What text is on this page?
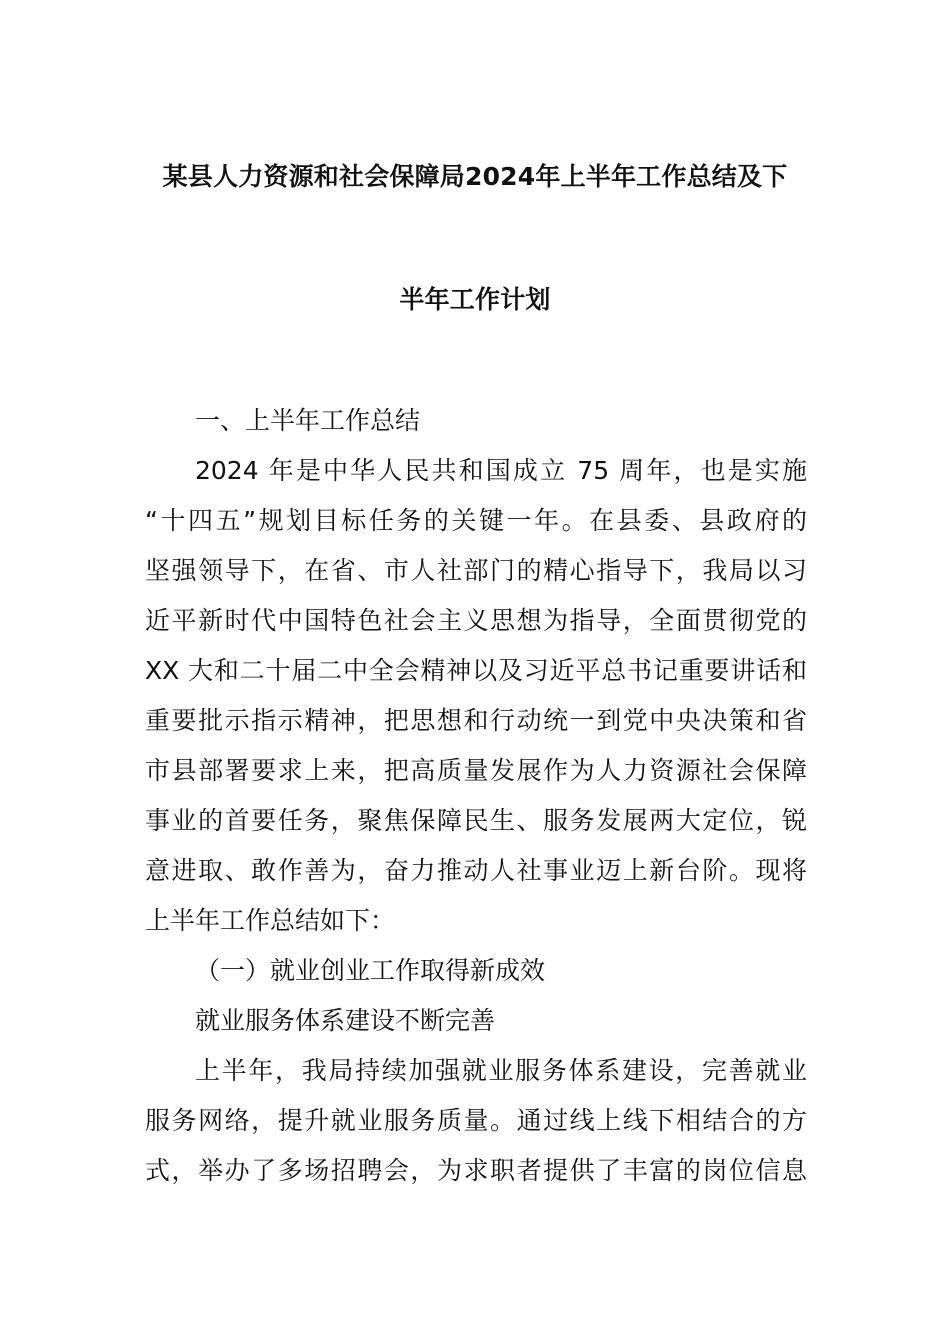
某县人力资源和社会保障局2024年上半年工作总结及下
半年工作计划
一、上半年工作总结
2024 年是中华人民共和国成立 75 周年，也是实施
“十四五”规划目标任务的关键一年。在县委、县政府的
坚强领导下，在省、市人社部门的精心指导下，我局以习
近平新时代中国特色社会主义思想为指导，全面贯彻党的
XX 大和二十届二中全会精神以及习近平总书记重要讲话和
重要批示指示精神，把思想和行动统一到党中央决策和省
市县部署要求上来，把高质量发展作为人力资源社会保障
事业的首要任务，聚焦保障民生、服务发展两大定位，锐
意进取、敢作善为，奋力推动人社事业迈上新台阶。现将
上半年工作总结如下：
（一）就业创业工作取得新成效
就业服务体系建设不断完善
上半年，我局持续加强就业服务体系建设，完善就业
服务网络，提升就业服务质量。通过线上线下相结合的方
式，举办了多场招聘会，为求职者提供了丰富的岗位信息
